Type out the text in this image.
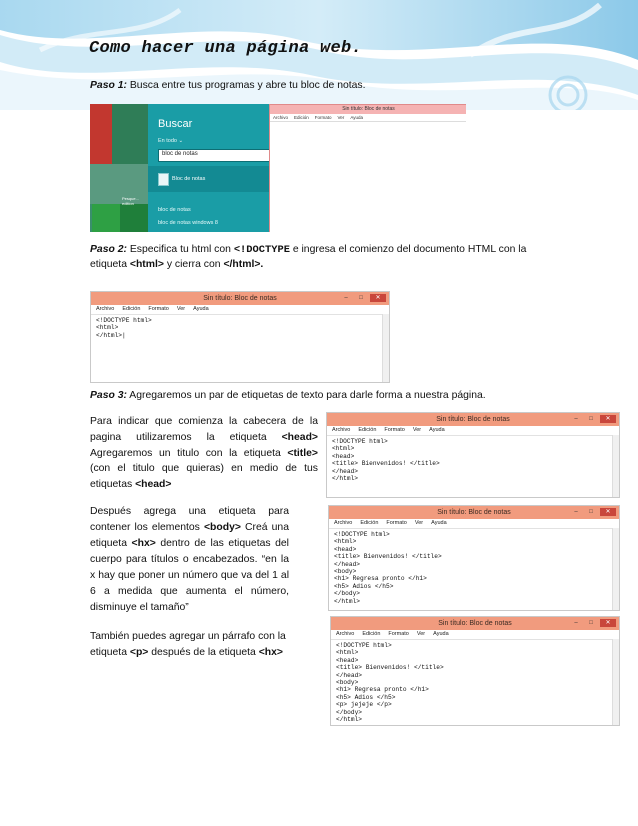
Como hacer una página web.
Paso 1: Busca entre tus programas y abre tu bloc de notas.
Pesque... edition
Buscar
En todo ⌄
bloc de notas
Bloc de notas
bloc de notas
bloc de notas windows 8
Sin título: Bloc de notas
Archivo Edición Formato Ver Ayuda
Paso 2: Especifica tu html con <!DOCTYPE e ingresa el comienzo del documento HTML con la etiqueta <html> y cierra con </html>.
Sin título: Bloc de notas	–	□	✕
Archivo Edición Formato Ver Ayuda
<!DOCTYPE html>
<html>
</html>|
Paso 3: Agregaremos un par de etiquetas de texto para darle forma a nuestra página.
Para indicar que comienza la cabecera de la pagina utilizaremos la etiqueta <head> Agregaremos un titulo con la etiqueta <title> (con el titulo que quieras) en medio de tus etiquetas <head>
Sin título: Bloc de notas	–	□	✕
Archivo Edición Formato Ver Ayuda
<!DOCTYPE html>
<html>
<head>
<title> Bienvenidos! </title>
</head>
</html>
Después agrega una etiqueta para contener los elementos <body> Creá una etiqueta <hx> dentro de las etiquetas del cuerpo para títulos o encabezados. “en la x hay que poner un número que va del 1 al 6 a medida que aumenta el número, disminuye el tamaño”
Sin título: Bloc de notas	–	□	✕
Archivo Edición Formato Ver Ayuda
<!DOCTYPE html>
<html>
<head>
<title> Bienvenidos! </title>
</head>
<body>
<h1> Regresa pronto </h1>
<h5> Adios </h5>
</body>
</html>
También puedes agregar un párrafo con la etiqueta <p> después de la etiqueta <hx>
Sin título: Bloc de notas	–	□	✕
Archivo Edición Formato Ver Ayuda
<!DOCTYPE html>
<html>
<head>
<title> Bienvenidos! </title>
</head>
<body>
<h1> Regresa pronto </h1>
<h5> Adios </h5>
<p> jejeje </p>
</body>
</html>
